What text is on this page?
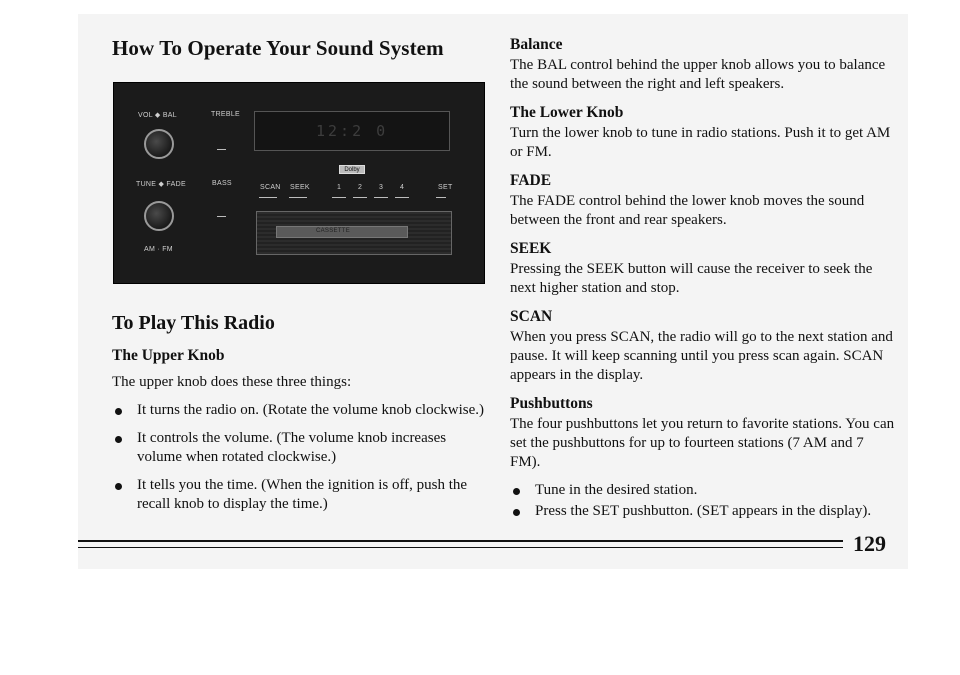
How To Operate Your Sound System
VOL ◆ BAL	TREBLE
TUNE ◆ FADE	BASS
AM · FM
12:2 0
Dolby
SCAN SEEK	1 2 3 4	SET
CASSETTE
To Play This Radio
The Upper Knob

The upper knob does these three things:

It turns the radio on. (Rotate the volume knob clockwise.)
It controls the volume. (The volume knob increases volume when rotated clockwise.)
It tells you the time. (When the ignition is off, push the recall knob to display the time.)
Balance

The BAL control behind the upper knob allows you to balance the sound between the right and left speakers.

The Lower Knob

Turn the lower knob to tune in radio stations. Push it to get AM or FM.

FADE

The FADE control behind the lower knob moves the sound between the front and rear speakers.

SEEK

Pressing the SEEK button will cause the receiver to seek the next higher station and stop.

SCAN

When you press SCAN, the radio will go to the next station and pause. It will keep scanning until you press scan again. SCAN appears in the display.

Pushbuttons

The four pushbuttons let you return to favorite stations. You can set the pushbuttons for up to fourteen stations (7 AM and 7 FM).

Tune in the desired station.
Press the SET pushbutton. (SET appears in the display).
129
